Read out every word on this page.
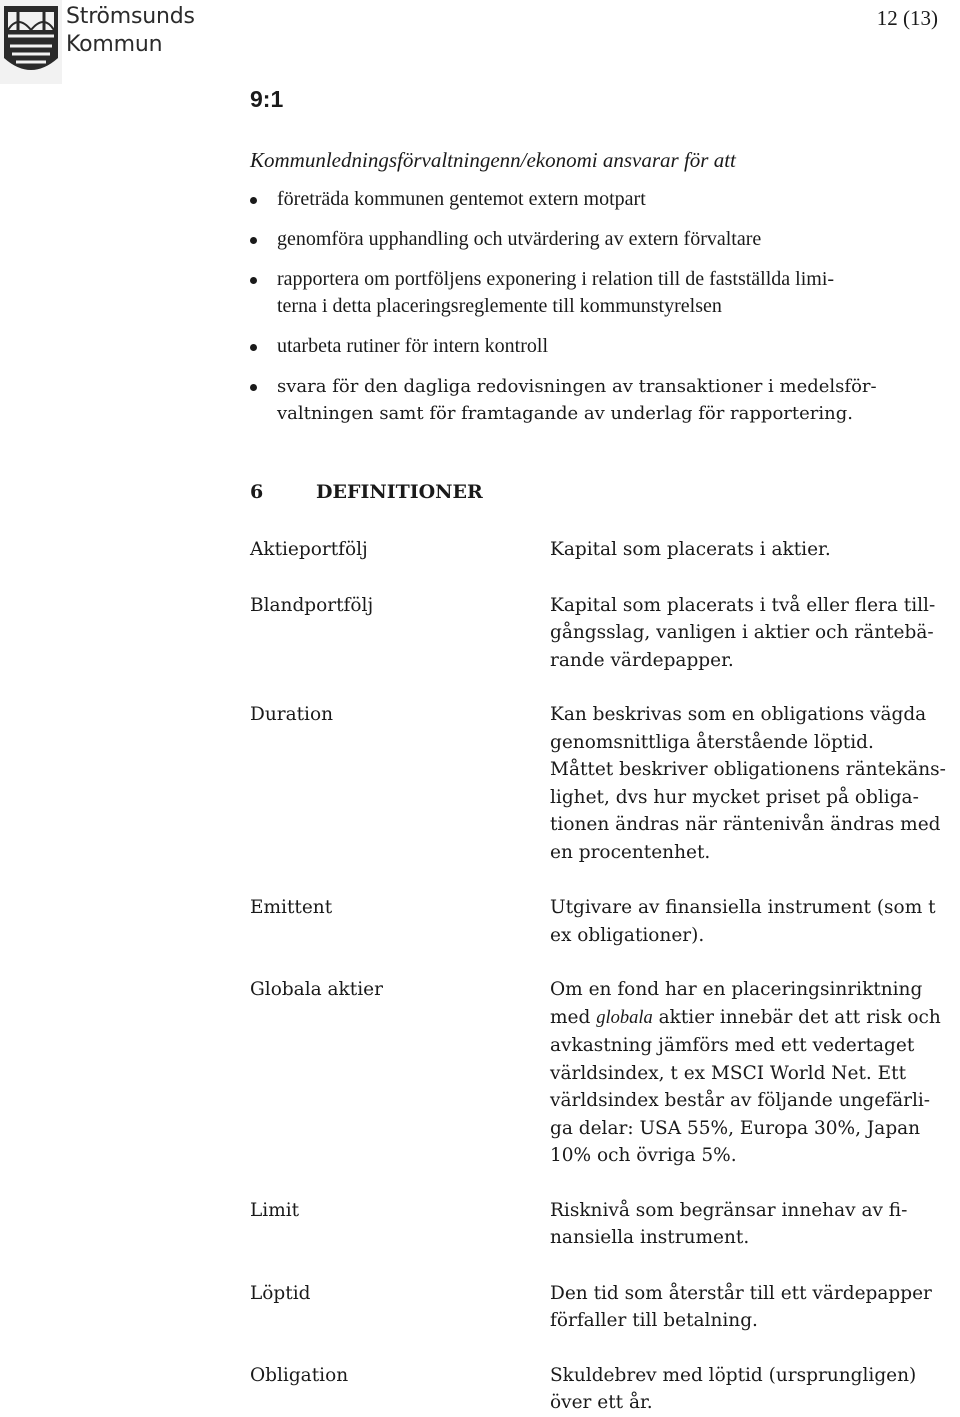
Strömsunds
Kommun
12 (13)
9:1
Kommunledningsförvaltningenn/ekonomi ansvarar för att
företräda kommunen gentemot extern motpart
genomföra upphandling och utvärdering av extern förvaltare
rapportera om portföljens exponering i relation till de fastställda limi-
terna i detta placeringsreglemente till kommunstyrelsen
utarbeta rutiner för intern kontroll
svara för den dagliga redovisningen av transaktioner i medelsför-
valtningen samt för framtagande av underlag för rapportering.
6	DEFINITIONER
Aktieportfölj	Kapital som placerats i aktier.
Blandportfölj	Kapital som placerats i två eller flera till-
gångsslag, vanligen i aktier och räntebä-
rande värdepapper.
Duration	Kan beskrivas som en obligations vägda
genomsnittliga återstående löptid.
Måttet beskriver obligationens räntekäns-
lighet, dvs hur mycket priset på obliga-
tionen ändras när räntenivån ändras med
en procentenhet.
Emittent	Utgivare av finansiella instrument (som t
ex obligationer).
Globala aktier	Om en fond har en placeringsinriktning
med globala aktier innebär det att risk och
avkastning jämförs med ett vedertaget
världsindex, t ex MSCI World Net. Ett
världsindex består av följande ungefärli-
ga delar: USA 55%, Europa 30%, Japan
10% och övriga 5%.
Limit	Risknivå som begränsar innehav av fi-
nansiella instrument.
Löptid	Den tid som återstår till ett värdepapper
förfaller till betalning.
Obligation	Skuldebrev med löptid (ursprungligen)
över ett år.
